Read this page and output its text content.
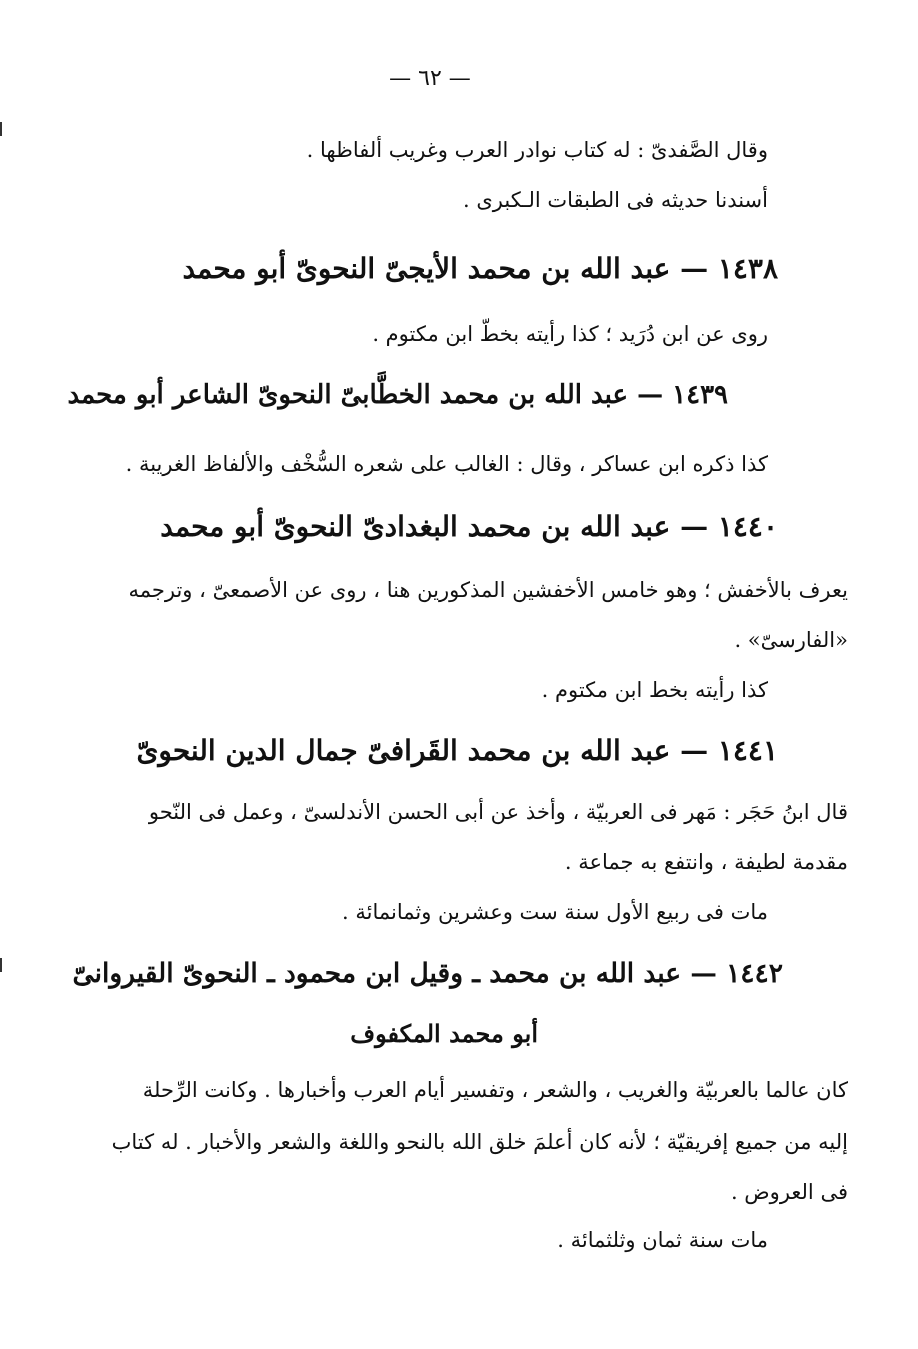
— ٦٢ —
وقال الصَّفدىّ : له كتاب نوادر العرب وغريب ألفاظها .
أسندنا حديثه فى الطبقات الـكبرى .
١٤٣٨ — عبد الله بن محمد الأيجىّ النحوىّ أبو محمد
روى عن ابن دُرَيد ؛ كذا رأيته بخطّ ابن مكتوم .
١٤٣٩ — عبد الله بن محمد الخطَّابىّ النحوىّ الشاعر أبو محمد
كذا ذكره ابن عساكر ، وقال : الغالب على شعره السُّخْف والألفاظ الغريبة .
١٤٤٠ — عبد الله بن محمد البغدادىّ النحوىّ أبو محمد
يعرف بالأخفش ؛ وهو خامس الأخفشين المذكورين هنا ، روى عن الأصمعىّ ، وترجمه
«الفارسىّ» .
كذا رأيته بخط ابن مكتوم .
١٤٤١ — عبد الله بن محمد القَرافىّ جمال الدين النحوىّ
قال ابنُ حَجَر : مَهر فى العربيّة ، وأخذ عن أبى الحسن الأندلسىّ ، وعمل فى النّحو
مقدمة لطيفة ، وانتفع به جماعة .
مات فى ربيع الأول سنة ست وعشرين وثمانمائة .
١٤٤٢ — عبد الله بن محمد ـ وقيل ابن محمود ـ النحوىّ القيروانىّ
أبو محمد المكفوف
كان عالما بالعربيّة والغريب ، والشعر ، وتفسير أيام العرب وأخبارها . وكانت الرِّحلة
إليه من جميع إفريقيّة ؛ لأنه كان أعلمَ خلق الله بالنحو واللغة والشعر والأخبار . له كتاب
فى العروض .
مات سنة ثمان وثلثمائة .
